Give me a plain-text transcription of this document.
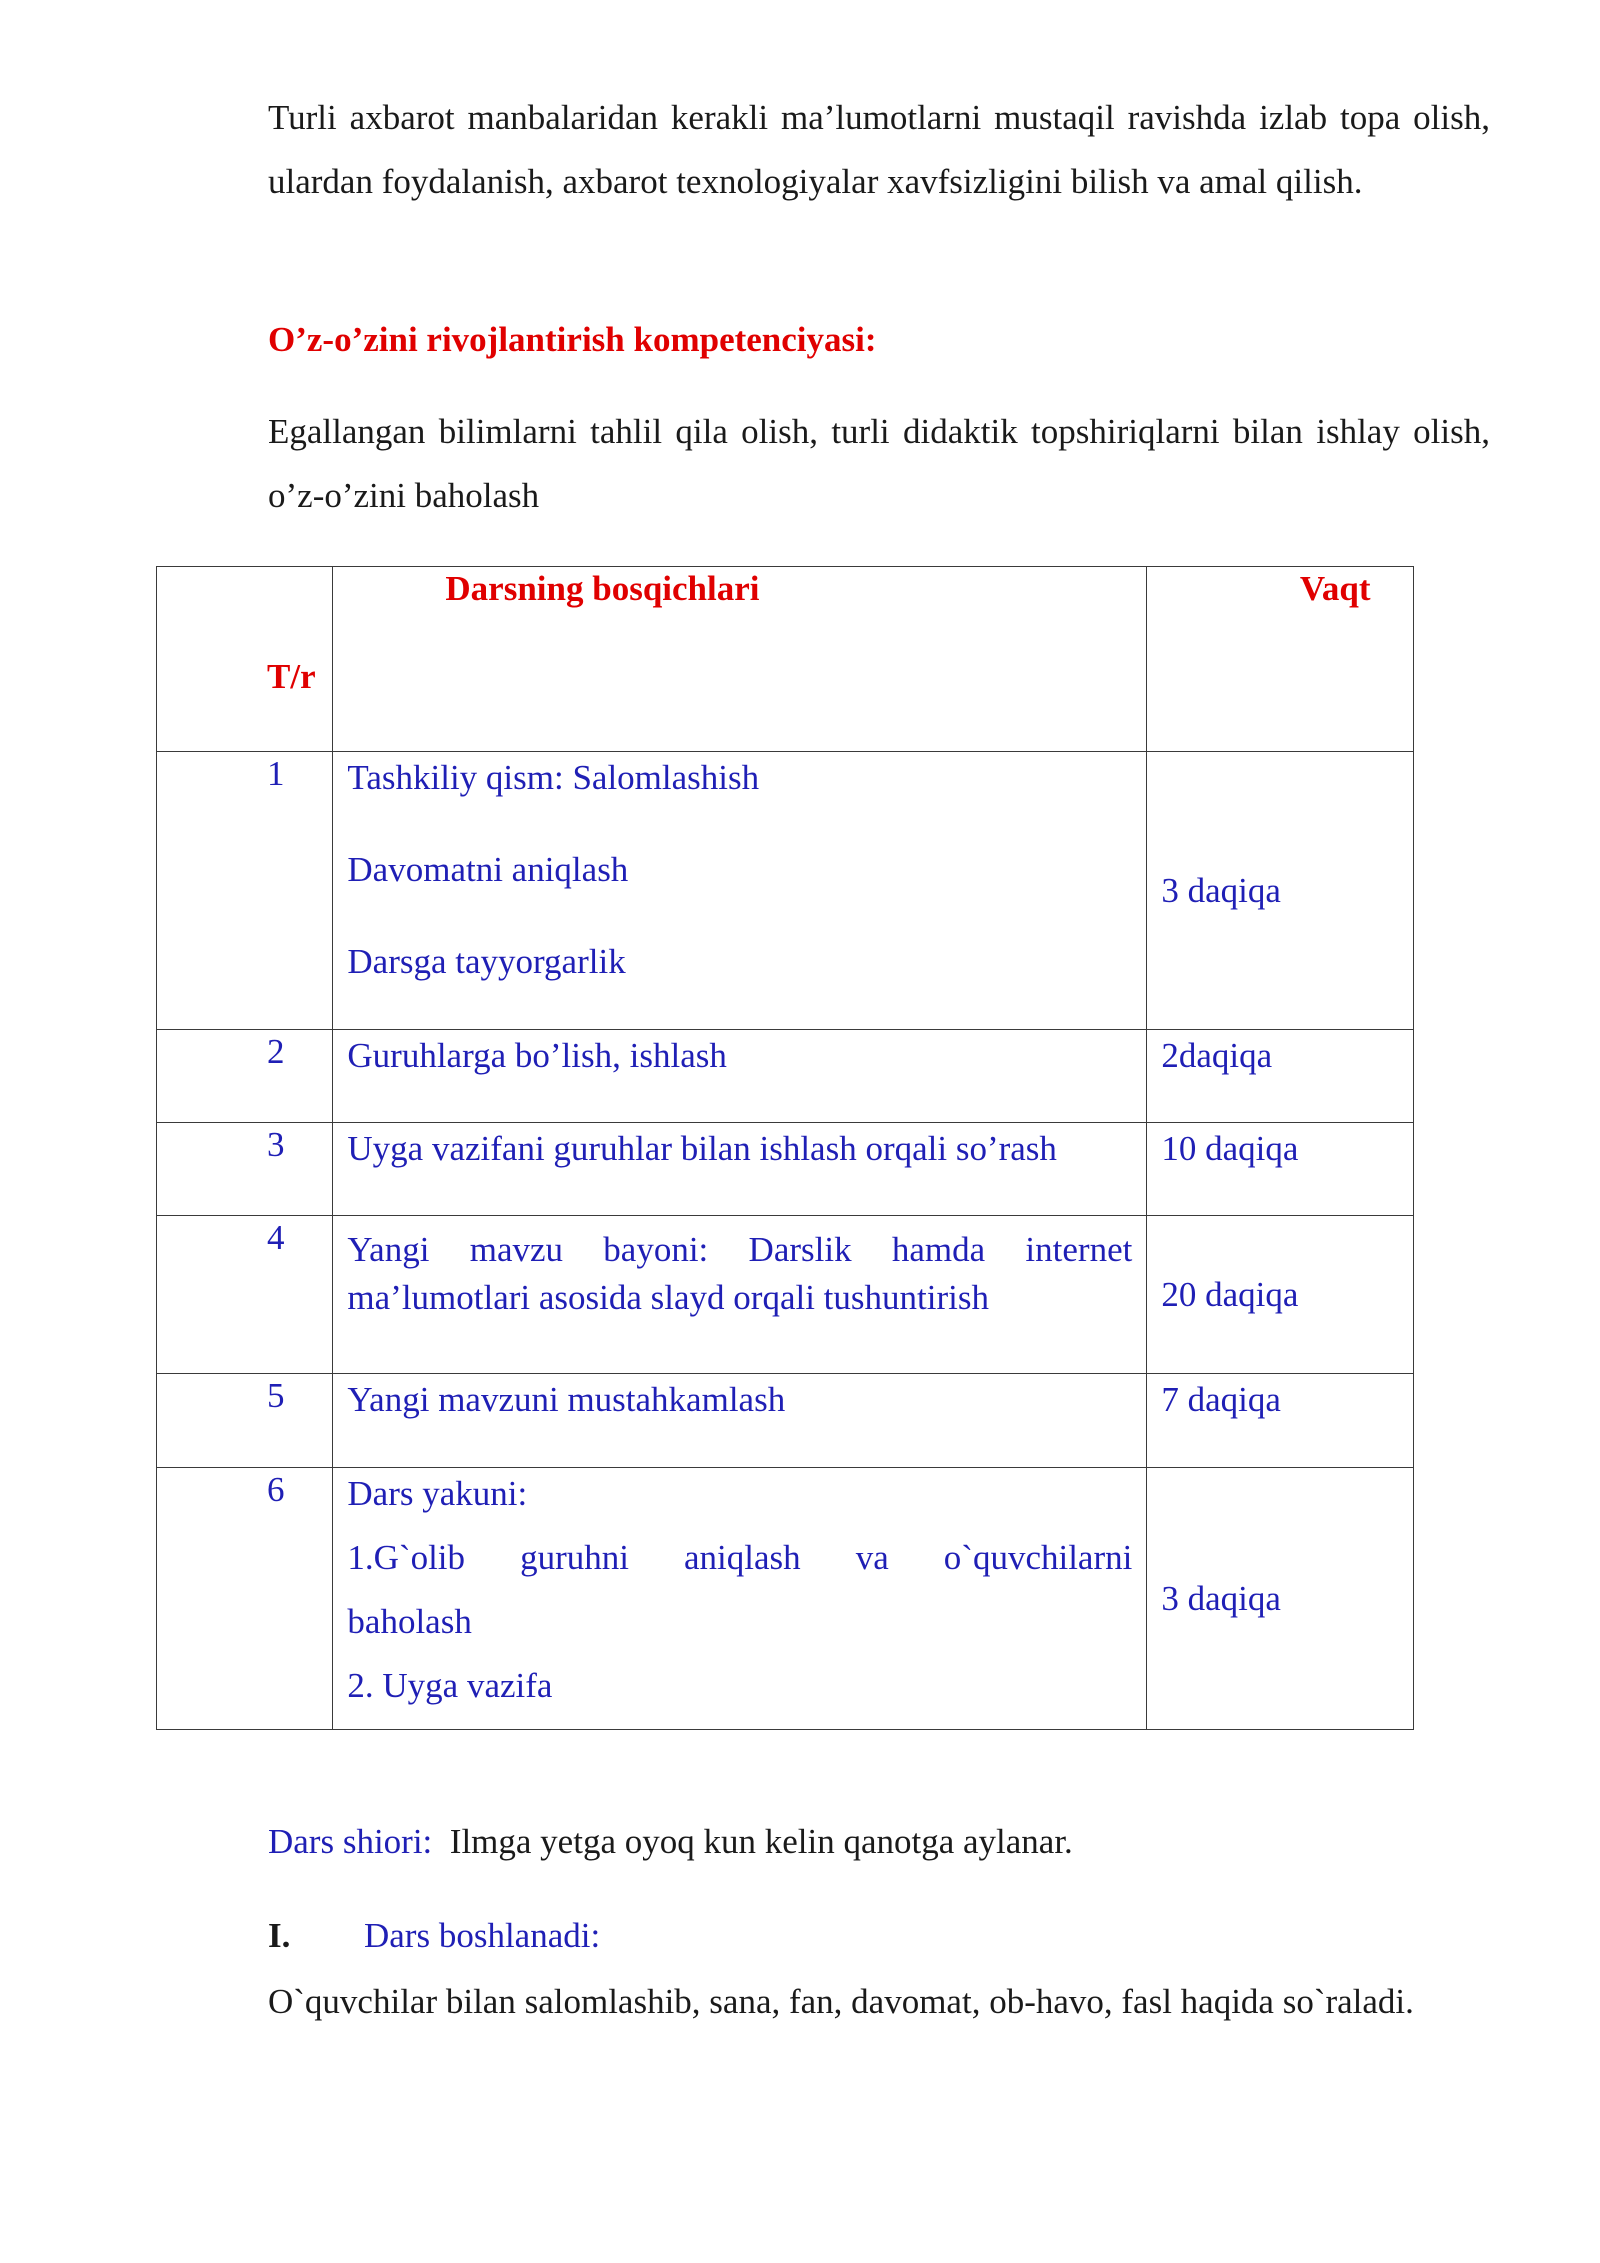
Turli axbarot manbalaridan kerakli ma’lumotlarni mustaqil ravishda izlab topa olish, ulardan foydalanish, axbarot texnologiyalar xavfsizligini bilish va amal qilish.

O’z-o’zini rivojlantirish kompetenciyasi:

Egallangan bilimlarni tahlil qila olish, turli didaktik topshiriqlarni bilan ishlay olish, o’z-o’zini baholash

T/r	Darsning bosqichlari	Vaqt

1	Tashkiliy qism: Salomlashish
Davomatni aniqlash
Darsga tayyorgarlik	3 daqiqa

2	Guruhlarga bo’lish, ishlash	2daqiqa

3	Uyga vazifani guruhlar bilan ishlash orqali so’rash	10 daqiqa

4	Yangi mavzu bayoni: Darslik hamda internet
ma’lumotlari asosida slayd orqali tushuntirish	20 daqiqa

5	Yangi mavzuni mustahkamlash	7 daqiqa

6	Dars yakuni:
1.G`olib guruhni aniqlash va o`quvchilarni
baholash
2. Uyga vazifa	3 daqiqa

Dars shiori: Ilmga yetga oyoq kun kelin qanotga aylanar.

I. Dars boshlanadi:

O`quvchilar bilan salomlashib, sana, fan, davomat, ob-havo, fasl haqida so`raladi.
